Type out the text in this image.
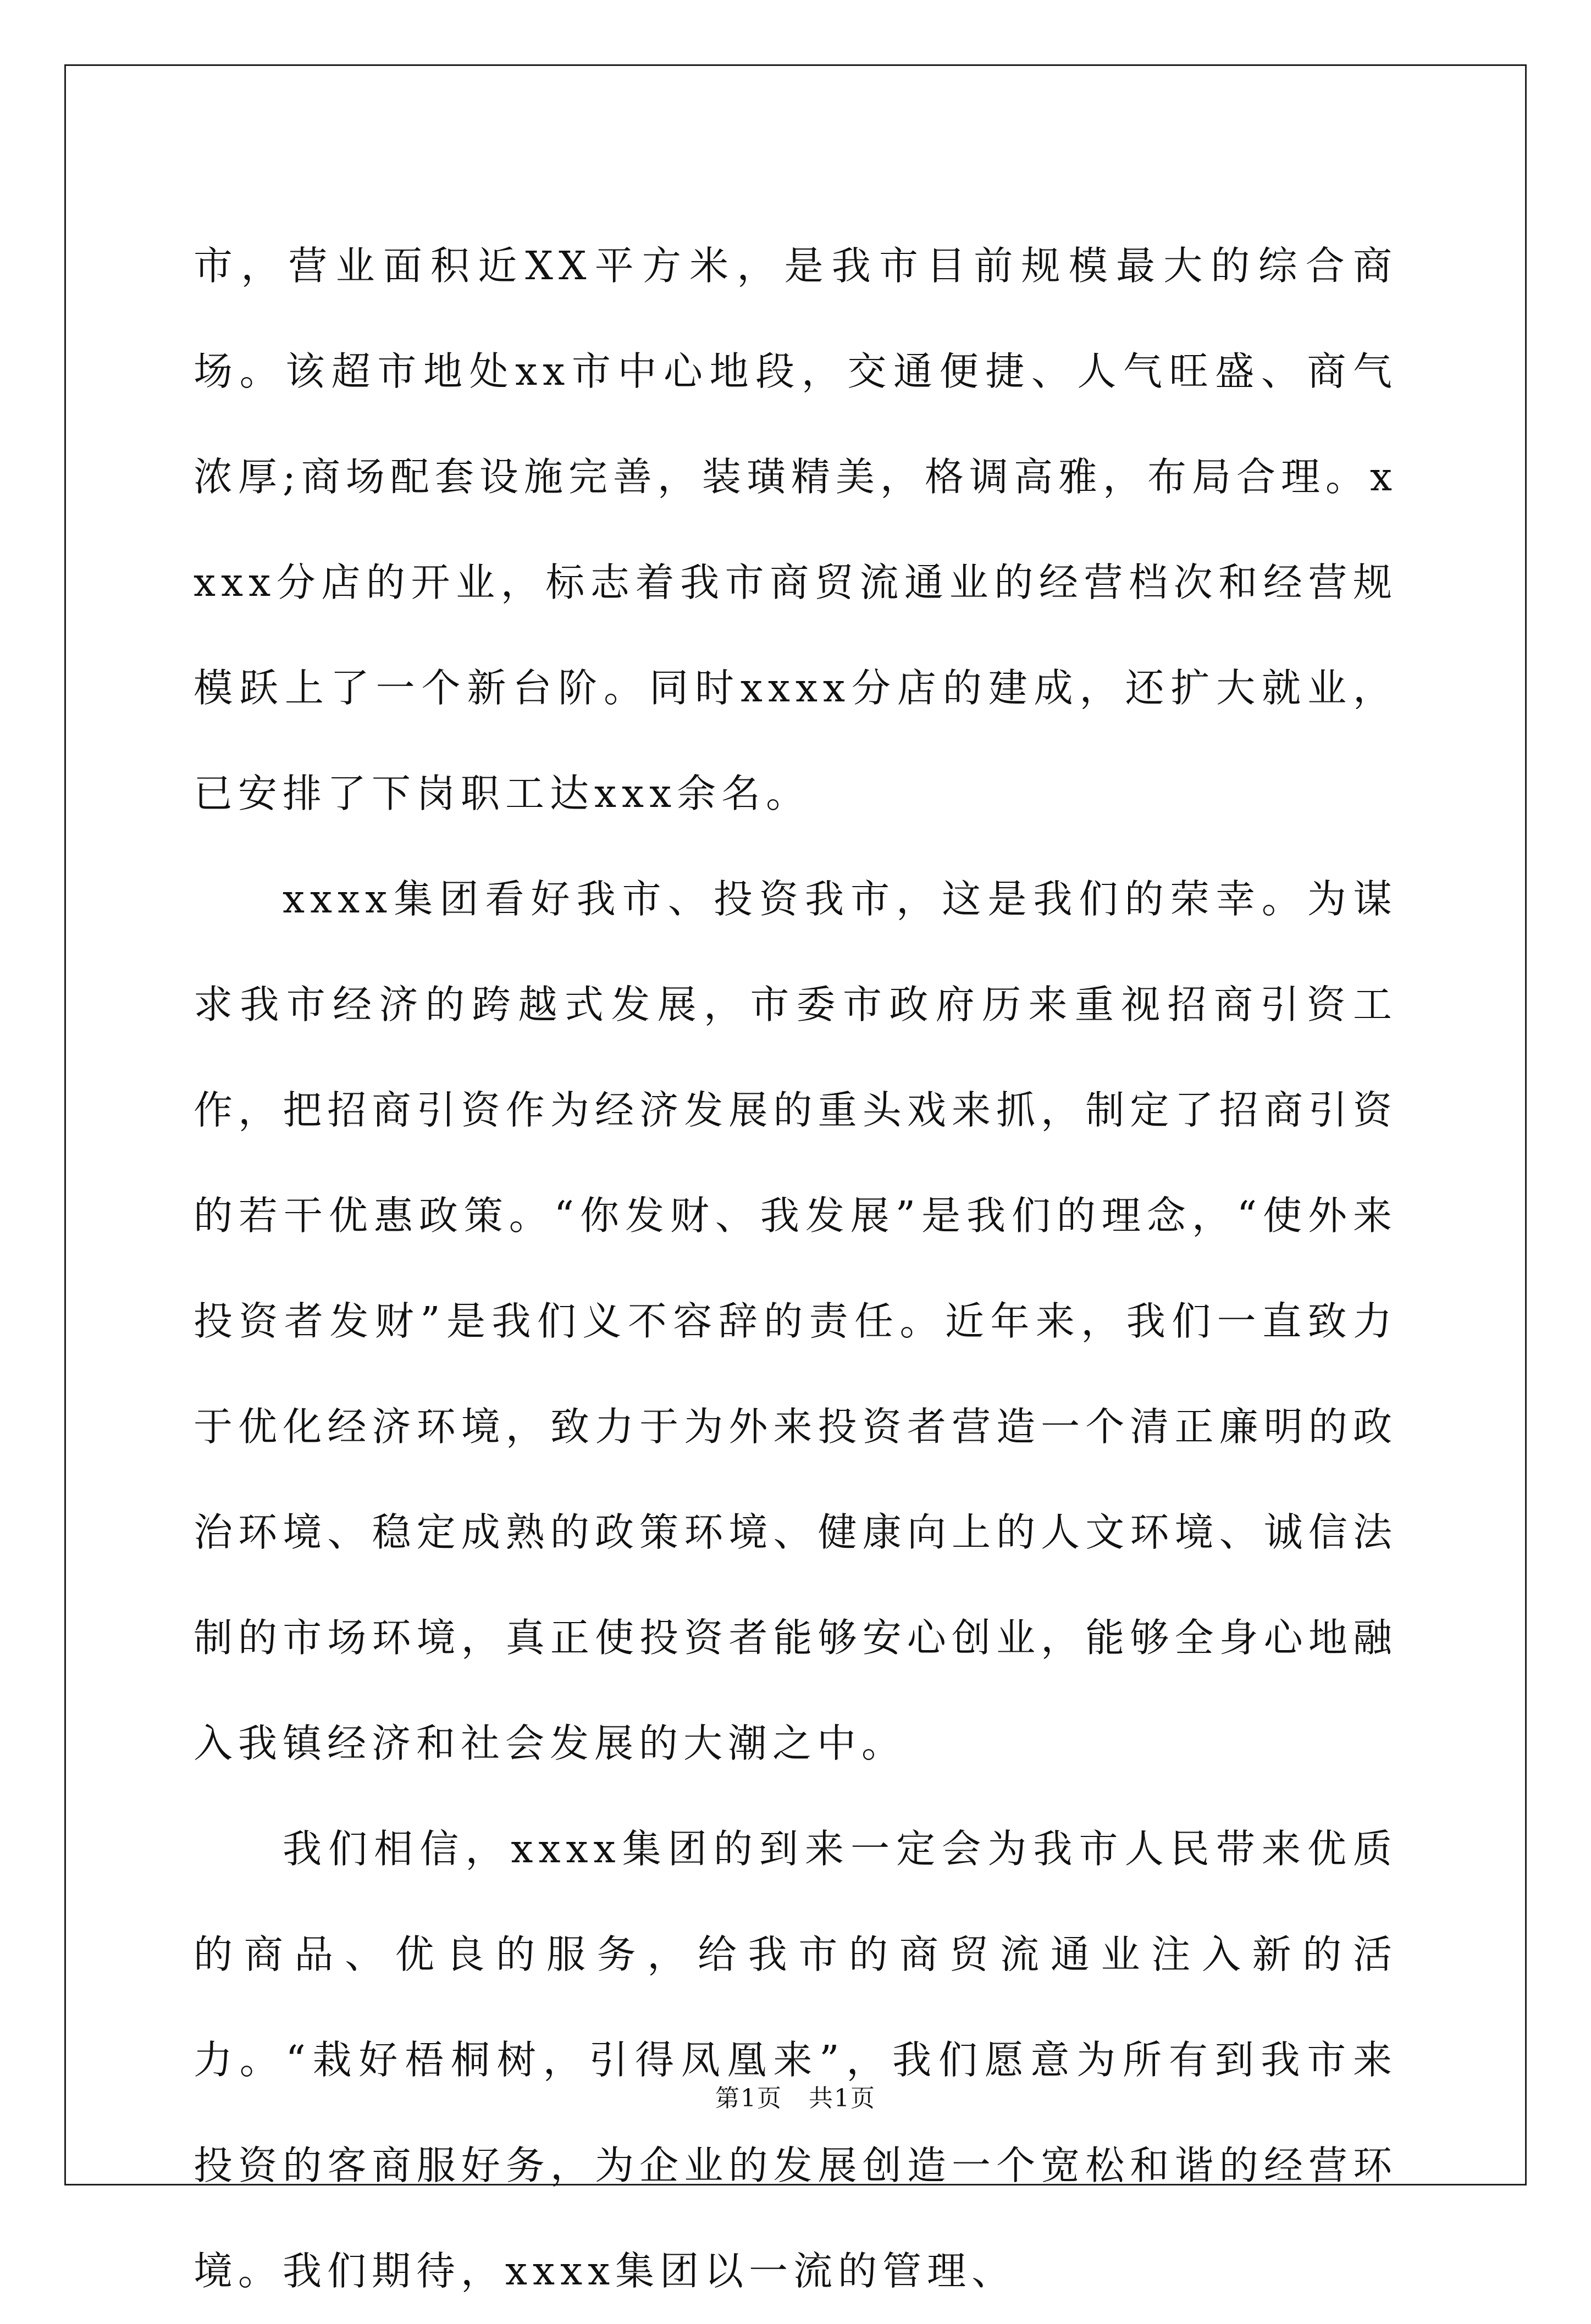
市，营业面积近XX平方米，是我市目前规模最大的综合商场。该超市地处xx市中心地段，交通便捷、人气旺盛、商气浓厚;商场配套设施完善，装璜精美，格调高雅，布局合理。xxxx分店的开业，标志着我市商贸流通业的经营档次和经营规模跃上了一个新台阶。同时xxxx分店的建成，还扩大就业，已安排了下岗职工达xxx余名。

xxxx集团看好我市、投资我市，这是我们的荣幸。为谋求我市经济的跨越式发展，市委市政府历来重视招商引资工作，把招商引资作为经济发展的重头戏来抓，制定了招商引资的若干优惠政策。“你发财、我发展”是我们的理念，“使外来投资者发财”是我们义不容辞的责任。近年来，我们一直致力于优化经济环境，致力于为外来投资者营造一个清正廉明的政治环境、稳定成熟的政策环境、健康向上的人文环境、诚信法制的市场环境，真正使投资者能够安心创业，能够全身心地融入我镇经济和社会发展的大潮之中。

我们相信，xxxx集团的到来一定会为我市人民带来优质的商品、优良的服务，给我市的商贸流通业注入新的活力。“栽好梧桐树，引得凤凰来”，我们愿意为所有到我市来投资的客商服好务，为企业的发展创造一个宽松和谐的经营环境。我们期待，xxxx集团以一流的管理、

第1页   共1页
